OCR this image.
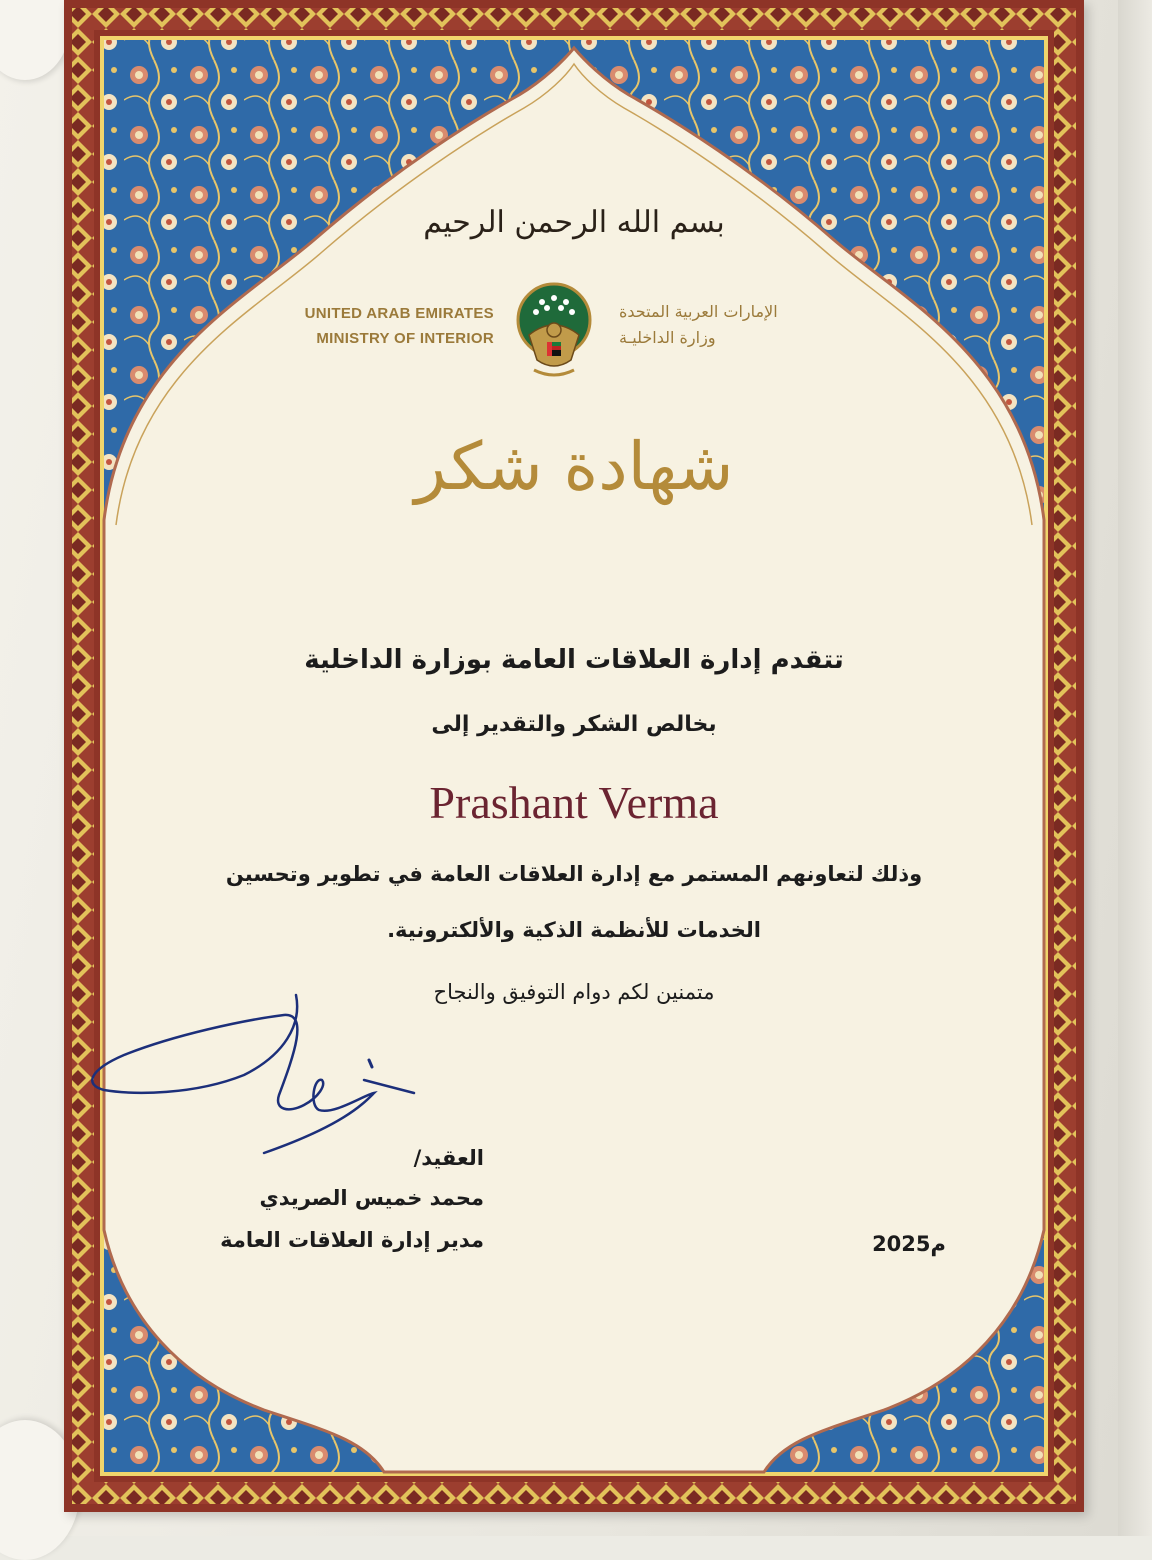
بسم الله الرحمن الرحيم
UNITED ARAB EMIRATES
MINISTRY OF INTERIOR
الإمارات العربية المتحدة
وزارة الداخليـة
شهادة شكر
تتقدم إدارة العلاقات العامة بوزارة الداخلية
بخالص الشكر والتقدير إلى
Prashant Verma
وذلك لتعاونهم المستمر مع إدارة العلاقات العامة في تطوير وتحسين
الخدمات للأنظمة الذكية والألكترونية.
متمنين لكم دوام التوفيق والنجاح
العقيد/
محمد خميس الصريدي
مدير إدارة العلاقات العامة	2025م
